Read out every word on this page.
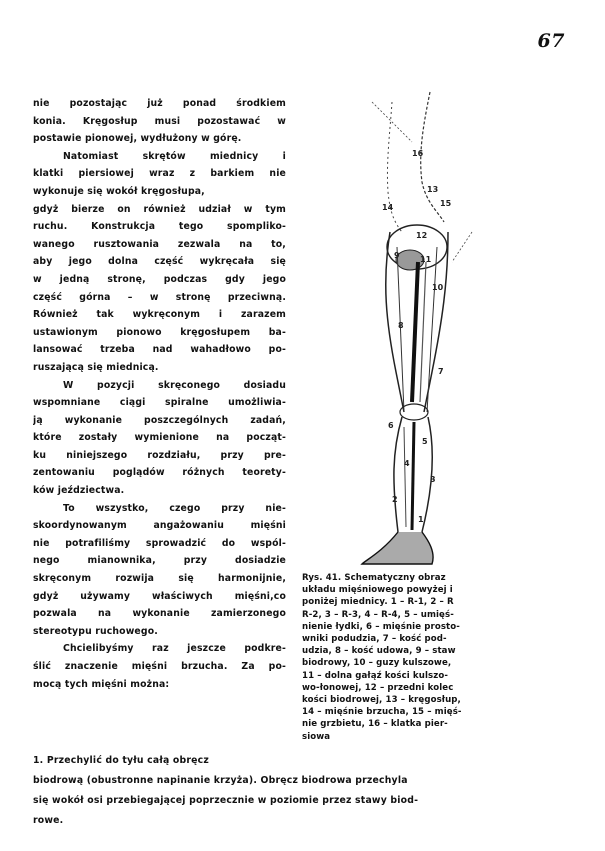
67
nie pozostając już ponad środkiem
konia. Kręgosłup musi pozostawać w
postawie pionowej, wydłużony w górę.
Natomiast skrętów miednicy i
klatki piersiowej wraz z barkiem nie
wykonuje się wokół kręgosłupa,
gdyż bierze on również udział w tym
ruchu. Konstrukcja tego spompliko-
wanego rusztowania zezwala na to,
aby jego dolna część wykręcała się
w jedną stronę, podczas gdy jego
część górna – w stronę przeciwną.
Również tak wykręconym i zarazem
ustawionym pionowo kręgosłupem ba-
lansować trzeba nad wahadłowo po-
ruszającą się miednicą.
W pozycji skręconego dosiadu
wspomniane ciągi spiralne umożliwia-
ją wykonanie poszczególnych zadań,
które zostały wymienione na począt-
ku niniejszego rozdziału, przy pre-
zentowaniu poglądów różnych teorety-
ków jeździectwa.
To wszystko, czego przy nie-
skoordynowanym angażowaniu mięśni
nie potrafiliśmy sprowadzić do wspól-
nego mianownika, przy dosiadzie
skręconym rozwija się harmonijnie,
gdyż używamy właściwych mięśni,co
pozwala na wykonanie zamierzonego
stereotypu ruchowego.
Chcielibyśmy raz jeszcze podkre-
ślić znaczenie mięśni brzucha. Za po-
mocą tych mięśni można:
16
13
15
14
12
9	11
10
8
7
6
5
4
3
2
1
Rys. 41. Schematyczny obraz
układu mięśniowego powyżej i
poniżej miednicy. 1 – R-1, 2 – R
R-2, 3 – R-3, 4 – R-4, 5 – umięś-
nienie łydki, 6 – mięśnie prosto-
wniki podudzia, 7 – kość pod-
udzia, 8 – kość udowa, 9 – staw
biodrowy, 10 – guzy kulszowe,
11 – dolna gałąź kości kulszo-
wo-łonowej, 12 – przedni kolec
kości biodrowej, 13 – kręgosłup,
14 – mięśnie brzucha, 15 – mięś-
nie grzbietu, 16 – klatka pier-
siowa
1. Przechylić do tyłu całą obręcz
biodrową (obustronne napinanie krzyża). Obręcz biodrowa przechyla
się wokół osi przebiegającej poprzecznie w poziomie przez stawy biod-
rowe.
